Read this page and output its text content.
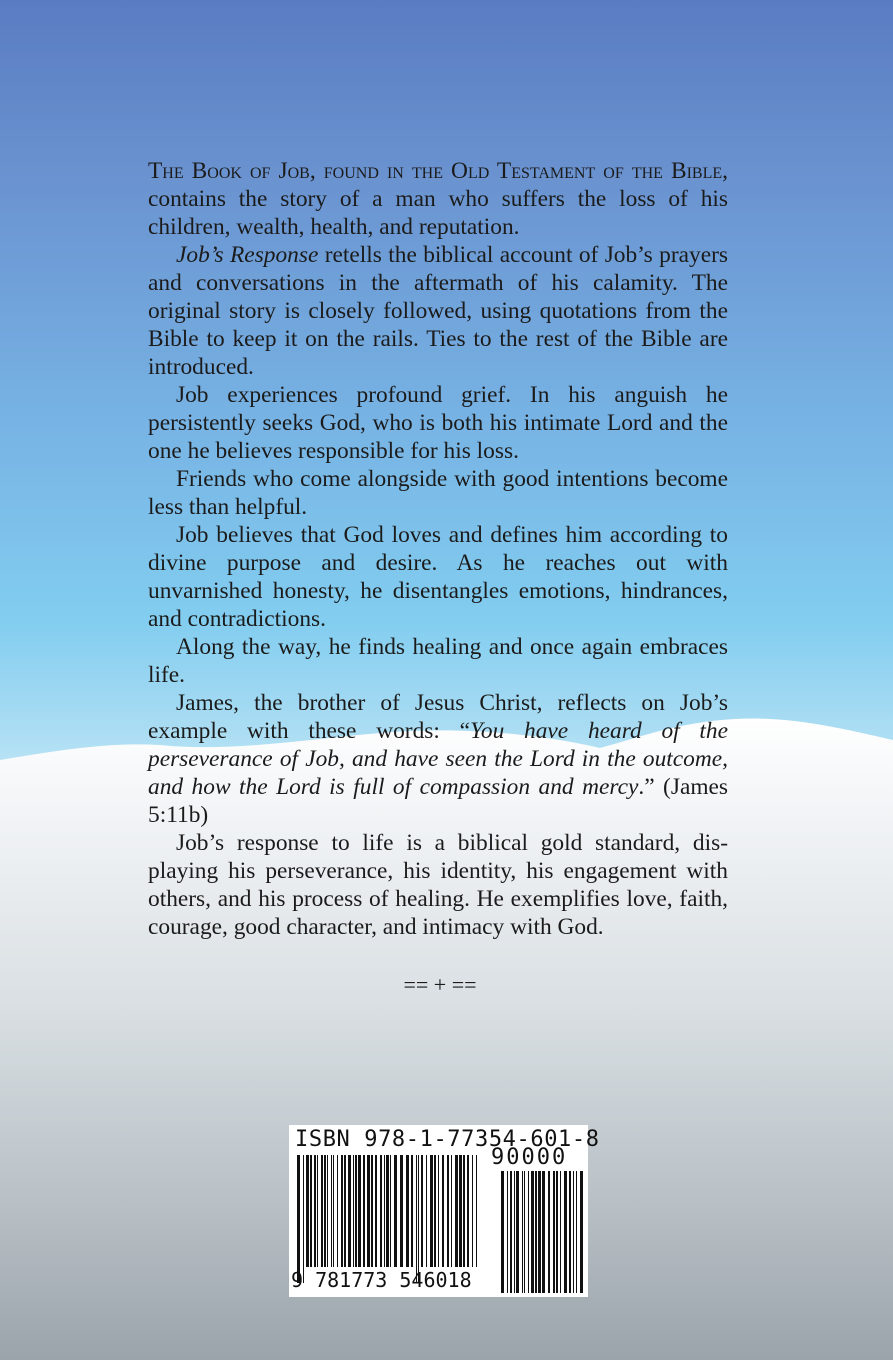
The Book of Job, found in the Old Testament of the Bible, contains the story of a man who suffers the loss of his children, wealth, health, and reputation.

Job’s Response retells the biblical account of Job’s prayers and conversations in the aftermath of his calamity. The original story is closely followed, using quotations from the Bible to keep it on the rails. Ties to the rest of the Bible are introduced.

Job experiences profound grief. In his anguish he persistently seeks God, who is both his intimate Lord and the one he believes responsible for his loss.

Friends who come alongside with good intentions become less than helpful.

Job believes that God loves and defines him according to divine purpose and desire. As he reaches out with unvarnished honesty, he disentangles emotions, hindrances, and contradictions.

Along the way, he finds healing and once again embraces life.

James, the brother of Jesus Christ, reflects on Job’s example with these words: “You have heard of the perseverance of Job, and have seen the Lord in the outcome, and how the Lord is full of compassion and mercy.” (James 5:11b)

Job’s response to life is a biblical gold standard, displaying his perseverance, his identity, his engagement with others, and his process of healing. He exemplifies love, faith, courage, good character, and intimacy with God.

== + ==
ISBN 978-1-77354-601-8
90000
9 781773 546018
